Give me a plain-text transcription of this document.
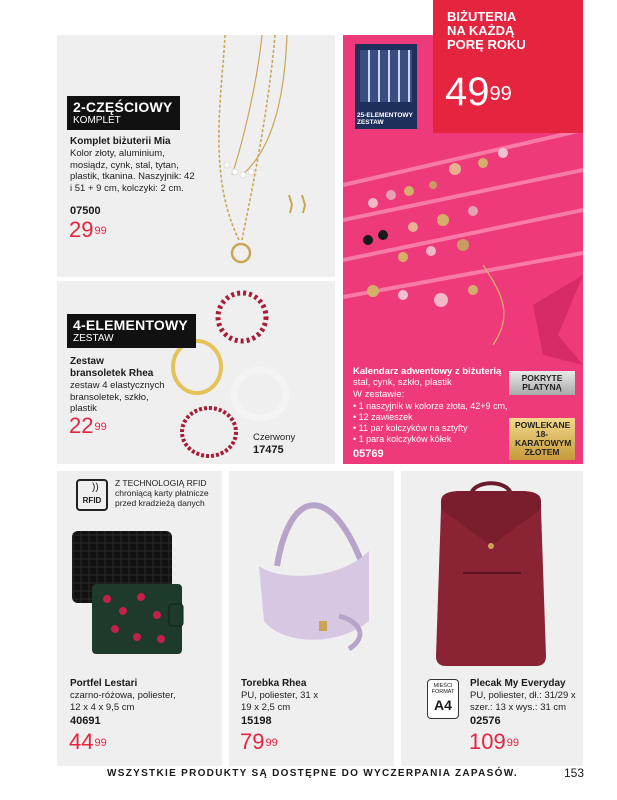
2-CZĘŚCIOWY
KOMPLET
Komplet biżuterii Mia
Kolor złoty, aluminium, mosiądz, cynk, stal, tytan, plastik, tkanina. Naszyjnik: 42 i 51 + 9 cm, kolczyki: 2 cm.
07500
$29^{99}$
4-ELEMENTOWY
ZESTAW
Zestaw bransoletek Rhea
zestaw 4 elastycznych bransoletek, szkło, plastik
$22^{99}$
Czerwony
17475
25-ELEMENTOWY ZESTAW
Kalendarz adwentowy z biżuterią
stal, cynk, szkło, plastik
W zestawie:
• 1 naszyjnik w kolorze złota, 42+9 cm,
• 12 zawieszek
• 11 par kolczyków na sztyfty
• 1 para kolczyków kółek
05769
POKRYTE PLATYNĄ
POWLEKANE 18-KARATOWYM ZŁOTEM
BIŻUTERIA NA KAŻDĄ PORĘ ROKU
$49^{99}$
RFID
)) Z TECHNOLOGIĄ RFID chroniącą karty płatnicze przed kradzieżą danych
Portfel Lestari
czarno-różowa, poliester, 12 x 4 x 9,5 cm
40691
$44^{99}$
Torebka Rhea
PU, poliester, 31 x 19 x 2,5 cm
15198
$79^{99}$
MIEŚCI FORMAT
A4
Plecak My Everyday
PU, poliester, dł.: 31/29 x szer.: 13 x wys.: 31 cm
02576
$109^{99}$
WSZYSTKIE PRODUKTY SĄ DOSTĘPNE DO WYCZERPANIA ZAPASÓW.	153
